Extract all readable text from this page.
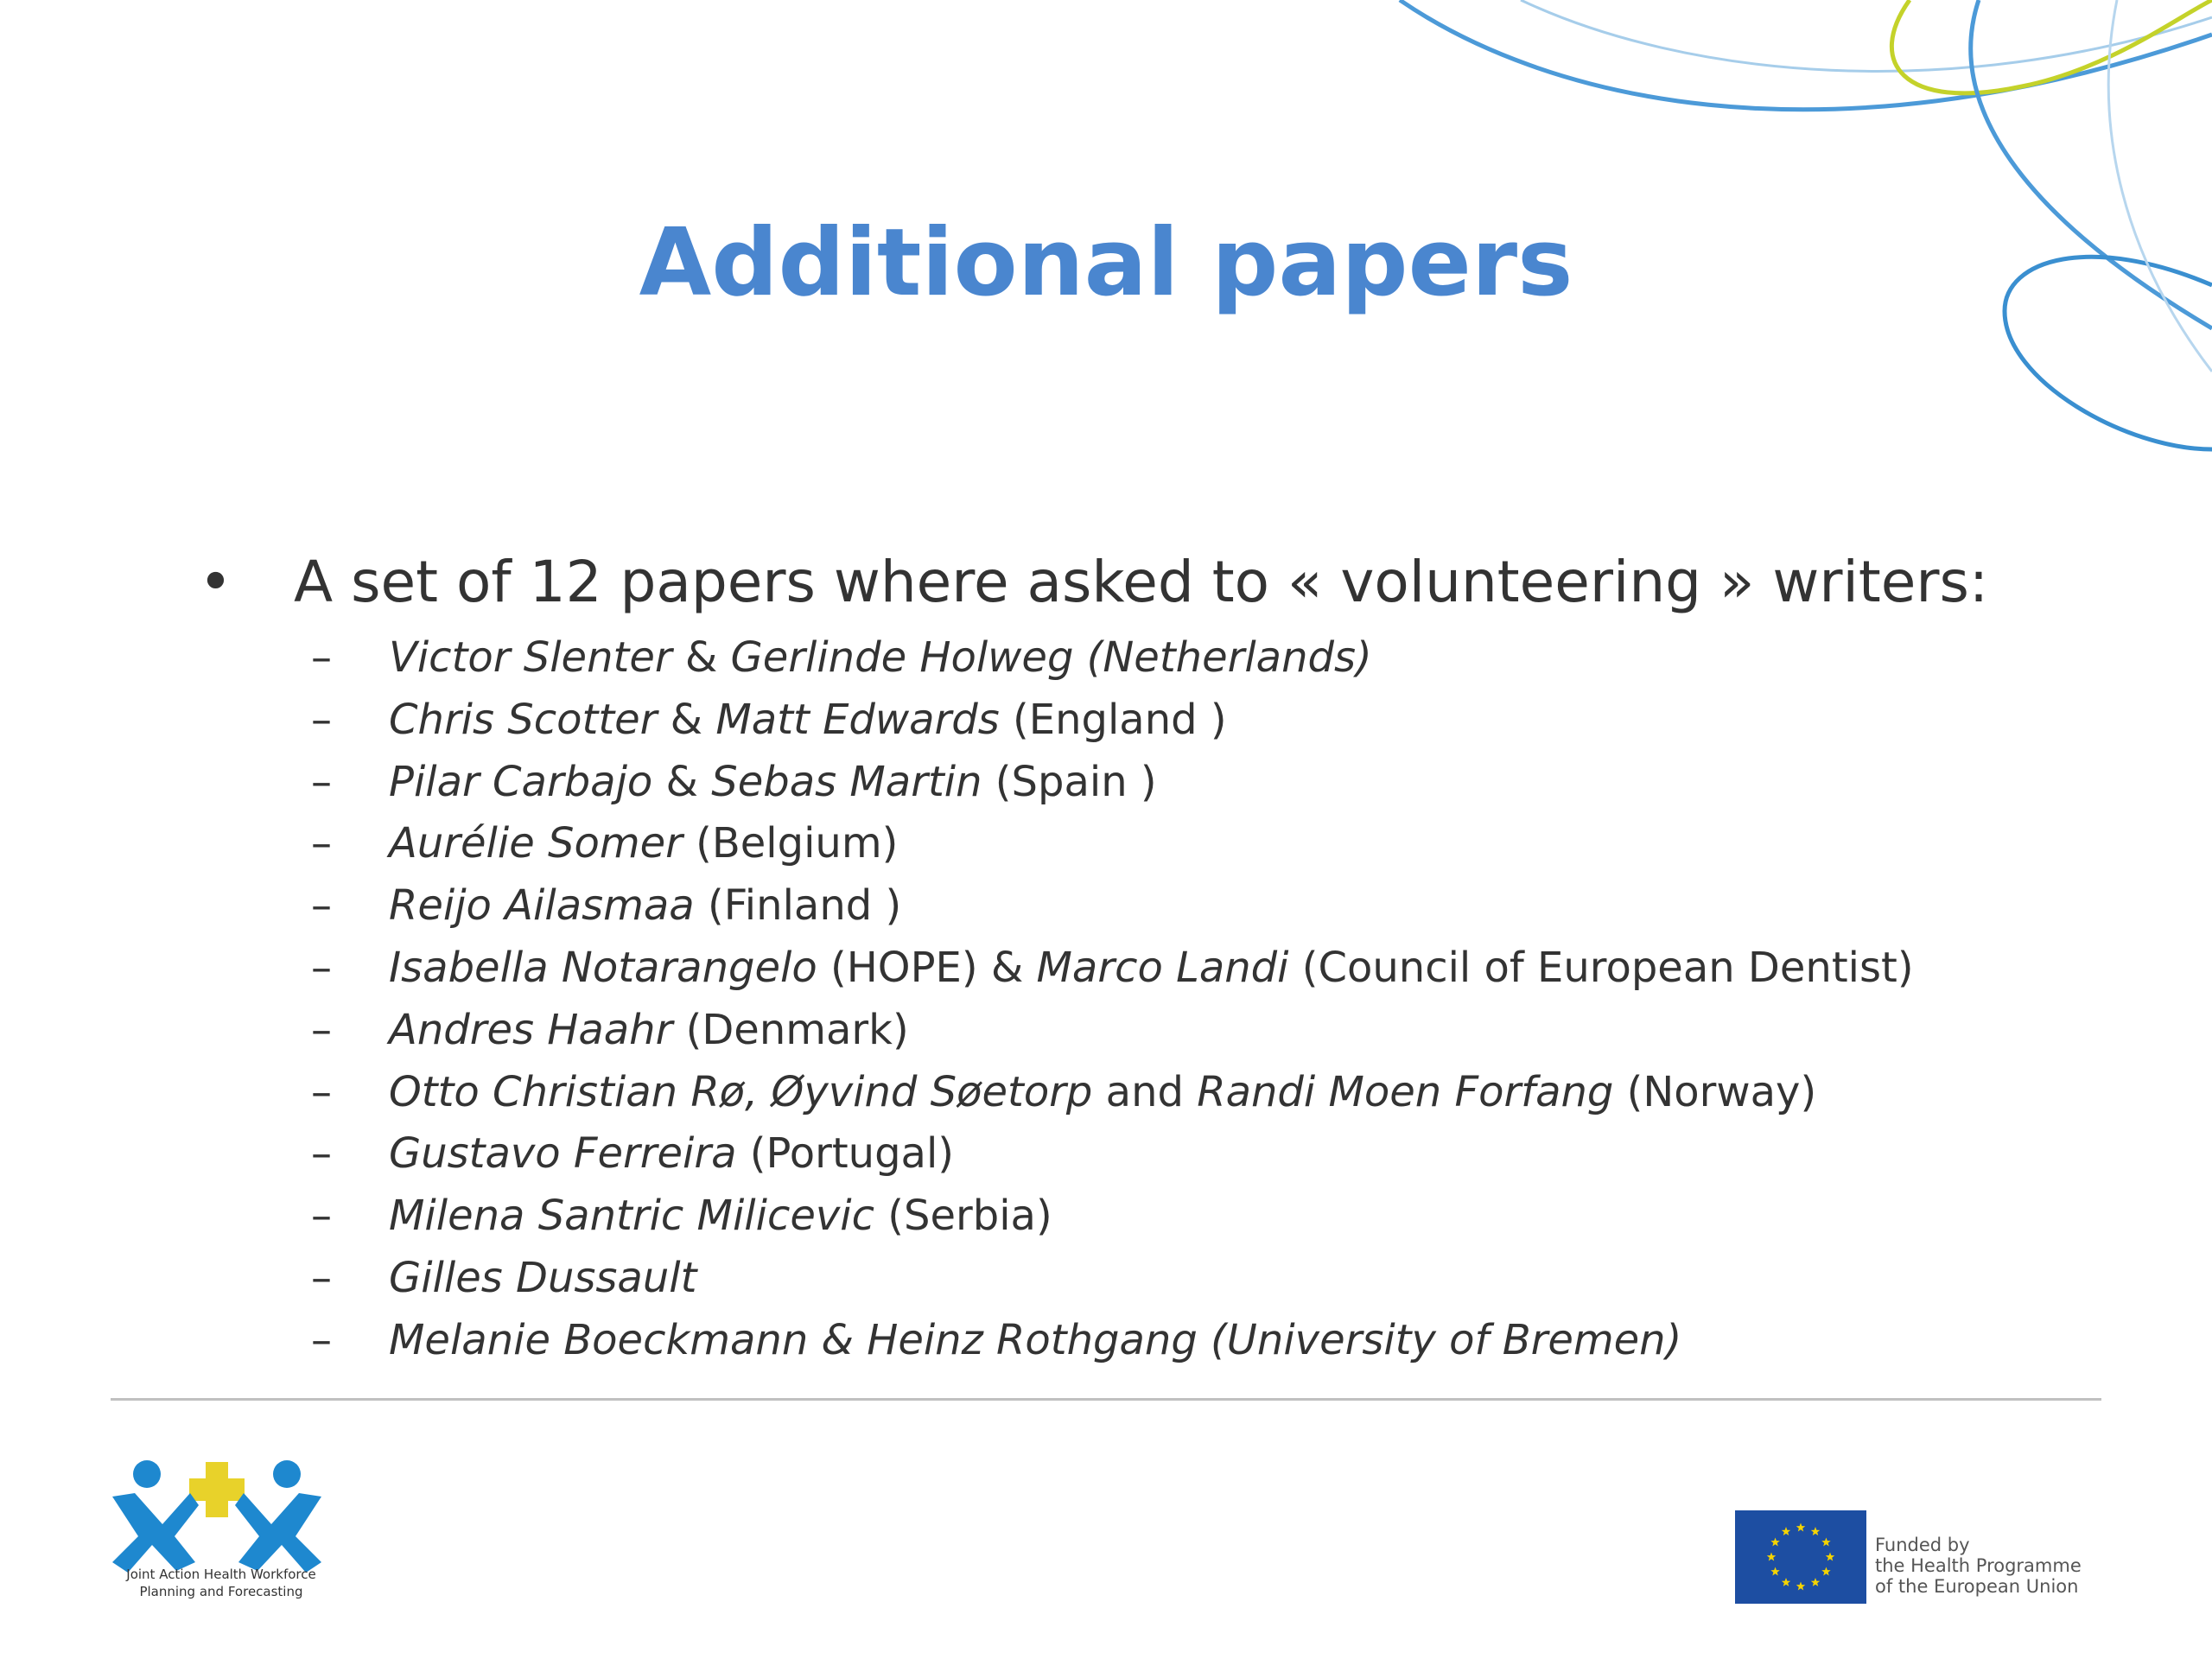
Additional papers
•	A set of 12 papers where asked to « volunteering » writers:
–	Victor Slenter & Gerlinde Holweg (Netherlands)
–	Chris Scotter & Matt Edwards (England )
–	Pilar Carbajo & Sebas Martin (Spain )
–	Aurélie Somer (Belgium)
–	Reijo Ailasmaa (Finland )
–	Isabella Notarangelo (HOPE) & Marco Landi (Council of European Dentist)
–	Andres Haahr (Denmark)
–	Otto Christian Rø, Øyvind Søetorp and Randi Moen Forfang (Norway)
–	Gustavo Ferreira (Portugal)
–	Milena Santric Milicevic (Serbia)
–	Gilles Dussault
–	Melanie Boeckmann & Heinz Rothgang (University of Bremen)
Joint Action Health Workforce
Planning and Forecasting
Funded by
the Health Programme
of the European Union
